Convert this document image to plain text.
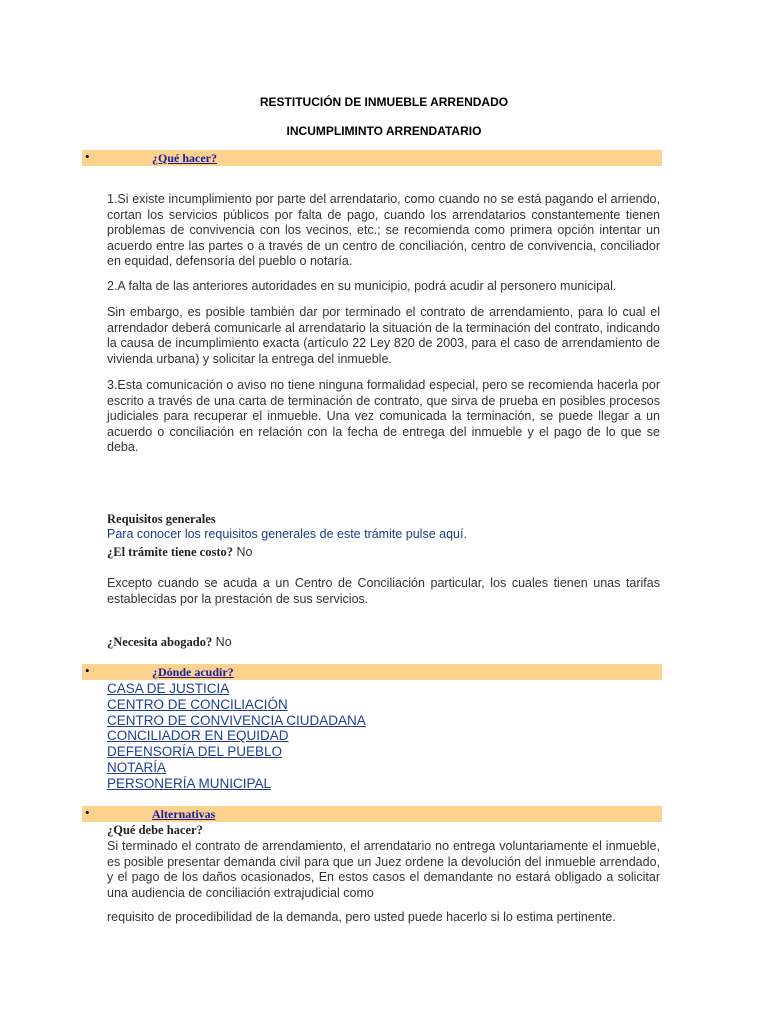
RESTITUCIÓN DE INMUEBLE ARRENDADO
INCUMPLIMINTO ARRENDATARIO
•	¿Qué hacer?

1.Si existe incumplimiento por parte del arrendatario, como cuando no se está pagando el arriendo, cortan los servicios públicos por falta de pago, cuando los arrendatarios constantemente tienen problemas de convivencia con los vecinos, etc.; se recomienda como primera opción intentar un acuerdo entre las partes o a través de un centro de conciliación, centro de convivencia, conciliador en equidad, defensoría del pueblo o notaría.

2.A falta de las anteriores autoridades en su municipio, podrá acudir al personero municipal.

Sin embargo, es posible también dar por terminado el contrato de arrendamiento, para lo cual el arrendador deberá comunicarle al arrendatario la situación de la terminación del contrato, indicando la causa de incumplimiento exacta (artículo 22 Ley 820 de 2003, para el caso de arrendamiento de vivienda urbana) y solicitar la entrega del inmueble.

3.Esta comunicación o aviso no tiene ninguna formalidad especial, pero se recomienda hacerla por escrito a través de una carta de terminación de contrato, que sirva de prueba en posibles procesos judiciales para recuperar el inmueble. Una vez comunicada la terminación, se puede llegar a un acuerdo o conciliación en relación con la fecha de entrega del inmueble y el pago de lo que se deba.

Requisitos generales

Para conocer los requisitos generales de este trámite pulse aquí.

¿El trámite tiene costo? No

Excepto cuando se acuda a un Centro de Conciliación particular, los cuales tienen unas tarifas establecidas por la prestación de sus servicios.

¿Necesita abogado? No

•	¿Dónde acudir?
CASA DE JUSTICIA
CENTRO DE CONCILIACIÓN
CENTRO DE CONVIVENCIA CIUDADANA
CONCILIADOR EN EQUIDAD
DEFENSORÍA DEL PUEBLO
NOTARÍA
PERSONERÍA MUNICIPAL
•	Alternativas

¿Qué debe hacer?

Si terminado el contrato de arrendamiento, el arrendatario no entrega voluntariamente el inmueble, es posible presentar demanda civil para que un Juez ordene la devolución del inmueble arrendado, y el pago de los daños ocasionados, En estos casos el demandante no estará obligado a solicitar una audiencia de conciliación extrajudicial como

requisito de procedibilidad de la demanda, pero usted puede hacerlo si lo estima pertinente.
